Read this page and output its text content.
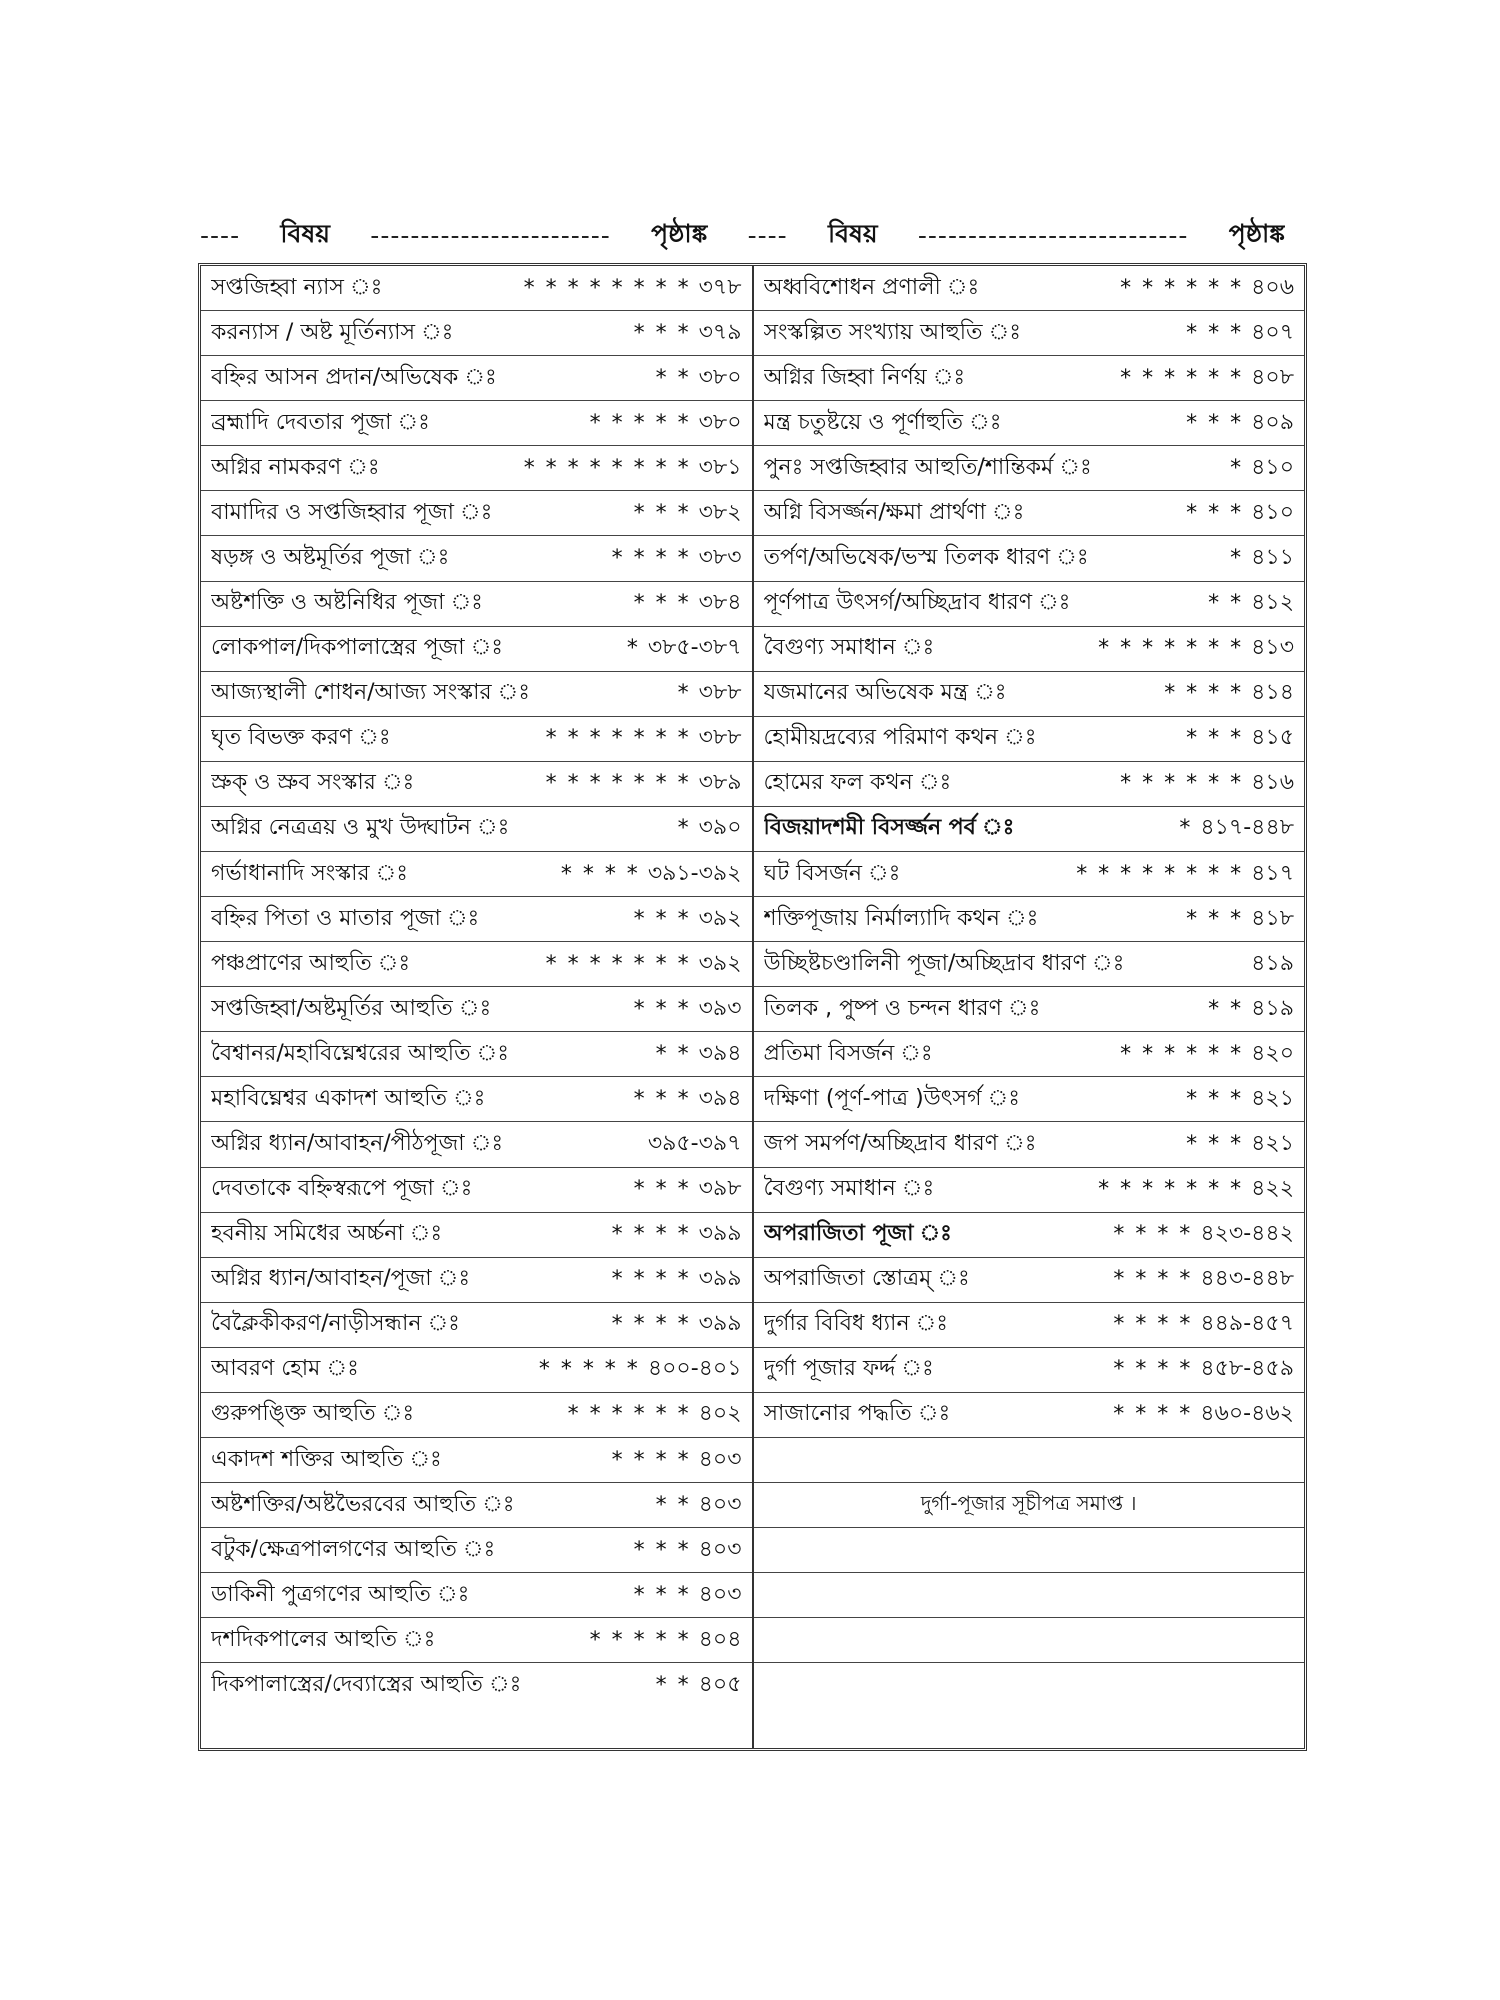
---- বিষয় ------------------------ পৃষ্ঠাঙ্ক ---- বিষয় --------------------------- পৃষ্ঠাঙ্ক
সপ্তজিহ্বা ন্যাস ঃ	* * * * * * * * ৩৭৮
করন্যাস / অষ্ট মূর্তিন্যাস ঃ	* * * ৩৭৯
বহ্নির আসন প্রদান/অভিষেক ঃ	* * ৩৮০
ব্রহ্মাদি দেবতার পূজা ঃ	* * * * * ৩৮০
অগ্নির নামকরণ ঃ	* * * * * * * * ৩৮১
বামাদির ও সপ্তজিহ্বার পূজা ঃ	* * * ৩৮২
ষড়ঙ্গ ও অষ্টমূর্তির পূজা ঃ	* * * * ৩৮৩
অষ্টশক্তি ও অষ্টনিধির পূজা ঃ	* * * ৩৮৪
লোকপাল/দিকপালাস্ত্রের পূজা ঃ	* ৩৮৫-৩৮৭
আজ্যস্থালী শোধন/আজ্য সংস্কার ঃ	* ৩৮৮
ঘৃত বিভক্ত করণ ঃ	* * * * * * * ৩৮৮
স্রুক্ ও স্রুব সংস্কার ঃ	* * * * * * * ৩৮৯
অগ্নির নেত্রত্রয় ও মুখ উদ্ঘাটন ঃ	* ৩৯০
গর্ভাধানাদি সংস্কার ঃ	* * * * ৩৯১-৩৯২
বহ্নির পিতা ও মাতার পূজা ঃ	* * * ৩৯২
পঞ্চপ্রাণের আহুতি ঃ	* * * * * * * ৩৯২
সপ্তজিহ্বা/অষ্টমূর্তির আহুতি ঃ	* * * ৩৯৩
বৈশ্বানর/মহাবিঘ্নেশ্বরের আহুতি ঃ	* * ৩৯৪
মহাবিঘ্নেশ্বর একাদশ আহুতি ঃ	* * * ৩৯৪
অগ্নির ধ্যান/আবাহন/পীঠপূজা ঃ	৩৯৫-৩৯৭
দেবতাকে বহ্নিস্বরূপে পূজা ঃ	* * * ৩৯৮
হবনীয় সমিধের অর্চ্চনা ঃ	* * * * ৩৯৯
অগ্নির ধ্যান/আবাহন/পূজা ঃ	* * * * ৩৯৯
বৈক্লৈকীকরণ/নাড়ীসন্ধান ঃ	* * * * ৩৯৯
আবরণ হোম ঃ	* * * * * ৪০০-৪০১
গুরুপঙ্ক্তি আহুতি ঃ	* * * * * * ৪০২
একাদশ শক্তির আহুতি ঃ	* * * * ৪০৩
অষ্টশক্তির/অষ্টভৈরবের আহুতি ঃ	* * ৪০৩
বটুক/ক্ষেত্রপালগণের আহুতি ঃ	* * * ৪০৩
ডাকিনী পুত্রগণের আহুতি ঃ	* * * ৪০৩
দশদিকপালের আহুতি ঃ	* * * * * ৪০৪
দিকপালাস্ত্রের/দেব্যাস্ত্রের আহুতি ঃ	* * ৪০৫
অধ্ববিশোধন প্রণালী ঃ	* * * * * * ৪০৬
সংস্কল্পিত সংখ্যায় আহুতি ঃ	* * * ৪০৭
অগ্নির জিহ্বা নির্ণয় ঃ	* * * * * * ৪০৮
মন্ত্র চতুষ্টয়ে ও পূর্ণাহুতি ঃ	* * * ৪০৯
পুনঃ সপ্তজিহ্বার আহুতি/শান্তিকর্ম ঃ	* ৪১০
অগ্নি বিসর্জ্জন/ক্ষমা প্রার্থণা ঃ	* * * ৪১০
তর্পণ/অভিষেক/ভস্ম তিলক ধারণ ঃ	* ৪১১
পূর্ণপাত্র উৎসর্গ/অচ্ছিদ্রাব ধারণ ঃ	* * ৪১২
বৈগুণ্য সমাধান ঃ	* * * * * * * ৪১৩
যজমানের অভিষেক মন্ত্র ঃ	* * * * ৪১৪
হোমীয়দ্রব্যের পরিমাণ কথন ঃ	* * * ৪১৫
হোমের ফল কথন ঃ	* * * * * * ৪১৬
বিজয়াদশমী বিসর্জ্জন পর্ব ঃ	* ৪১৭-৪৪৮
ঘট বিসর্জন ঃ	* * * * * * * * ৪১৭
শক্তিপূজায় নির্মাল্যাদি কথন ঃ	* * * ৪১৮
উচ্ছিষ্টচণ্ডালিনী পূজা/অচ্ছিদ্রাব ধারণ ঃ	৪১৯
তিলক , পুষ্প ও চন্দন ধারণ ঃ	* * ৪১৯
প্রতিমা বিসর্জন ঃ	* * * * * * ৪২০
দক্ষিণা (পূর্ণ-পাত্র )উৎসর্গ ঃ	* * * ৪২১
জপ সমর্পণ/অচ্ছিদ্রাব ধারণ ঃ	* * * ৪২১
বৈগুণ্য সমাধান ঃ	* * * * * * * ৪২২
অপরাজিতা পূজা ঃ	* * * * ৪২৩-৪৪২
অপরাজিতা স্তোত্রম্ ঃ	* * * * ৪৪৩-৪৪৮
দুর্গার বিবিধ ধ্যান ঃ	* * * * ৪৪৯-৪৫৭
দুর্গা পূজার ফর্দ্দ ঃ	* * * * ৪৫৮-৪৫৯
সাজানোর পদ্ধতি ঃ	* * * * ৪৬০-৪৬২
দুর্গা-পূজার সূচীপত্র সমাপ্ত ।
